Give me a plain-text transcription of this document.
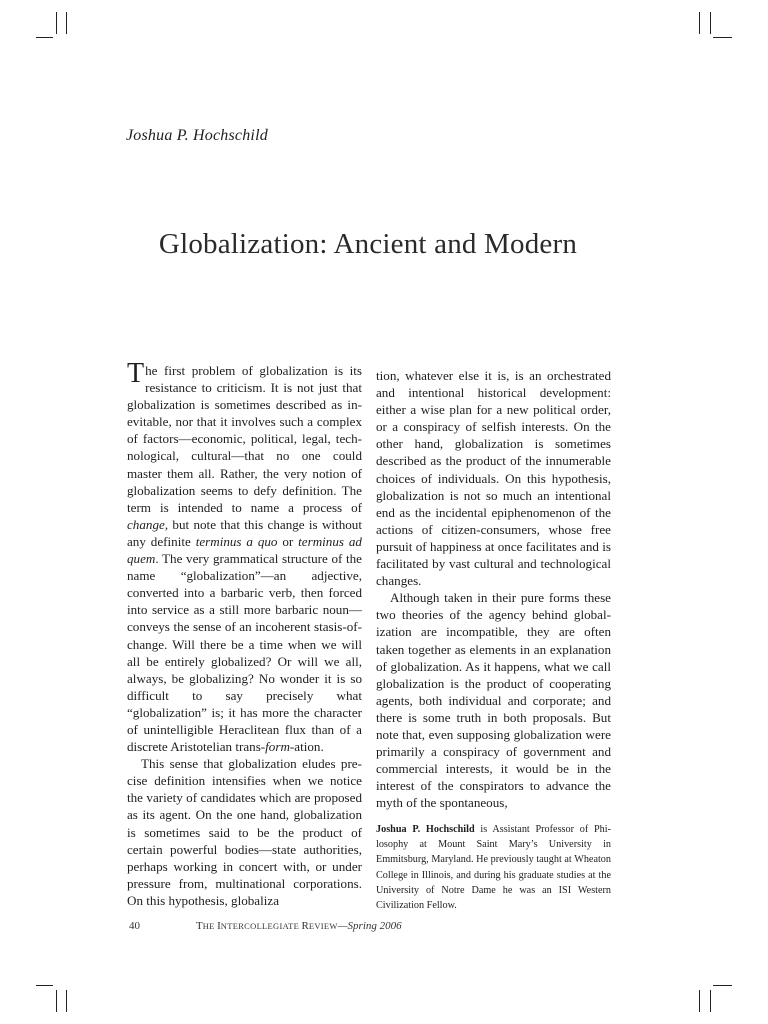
Joshua P. Hochschild
Globalization: Ancient and Modern

The first problem of globalization is its resistance to criticism. It is not just that globalization is sometimes described as inevitable, nor that it involves such a complex of factors—economic, political, legal, technological, cultural—that no one could master them all. Rather, the very notion of globalization seems to defy definition. The term is intended to name a process of change, but note that this change is without any definite terminus a quo or terminus ad quem. The very grammatical structure of the name “globalization”—an adjective, converted into a barbaric verb, then forced into service as a still more barbaric noun—conveys the sense of an incoherent stasis-of-change. Will there be a time when we will all be entirely globalized? Or will we all, always, be globalizing? No wonder it is so difficult to say precisely what “globalization” is; it has more the character of unintelligible Heraclitean flux than of a discrete Aristotelian trans-form-ation.

This sense that globalization eludes precise definition intensifies when we notice the variety of candidates which are proposed as its agent. On the one hand, globalization is sometimes said to be the product of certain powerful bodies—state authorities, perhaps working in concert with, or under pressure from, multinational corporations. On this hypothesis, globaliza

tion, whatever else it is, is an orchestrated and intentional historical development: either a wise plan for a new political order, or a conspiracy of selfish interests. On the other hand, globalization is sometimes described as the product of the innumerable choices of individuals. On this hypothesis, globalization is not so much an intentional end as the incidental epiphenomenon of the actions of citizen-consumers, whose free pursuit of happiness at once facilitates and is facilitated by vast cultural and technological changes.

Although taken in their pure forms these two theories of the agency behind globalization are incompatible, they are often taken together as elements in an explanation of globalization. As it happens, what we call globalization is the product of cooperating agents, both individual and corporate; and there is some truth in both proposals. But note that, even supposing globalization were primarily a conspiracy of government and commercial interests, it would be in the interest of the conspirators to advance the myth of the spontaneous,

Joshua P. Hochschild is Assistant Professor of Philosophy at Mount Saint Mary’s University in Emmitsburg, Maryland. He previously taught at Wheaton College in Illinois, and during his graduate studies at the University of Notre Dame he was an ISI Western Civilization Fellow.
40	THE INTERCOLLEGIATE REVIEW—Spring 2006
